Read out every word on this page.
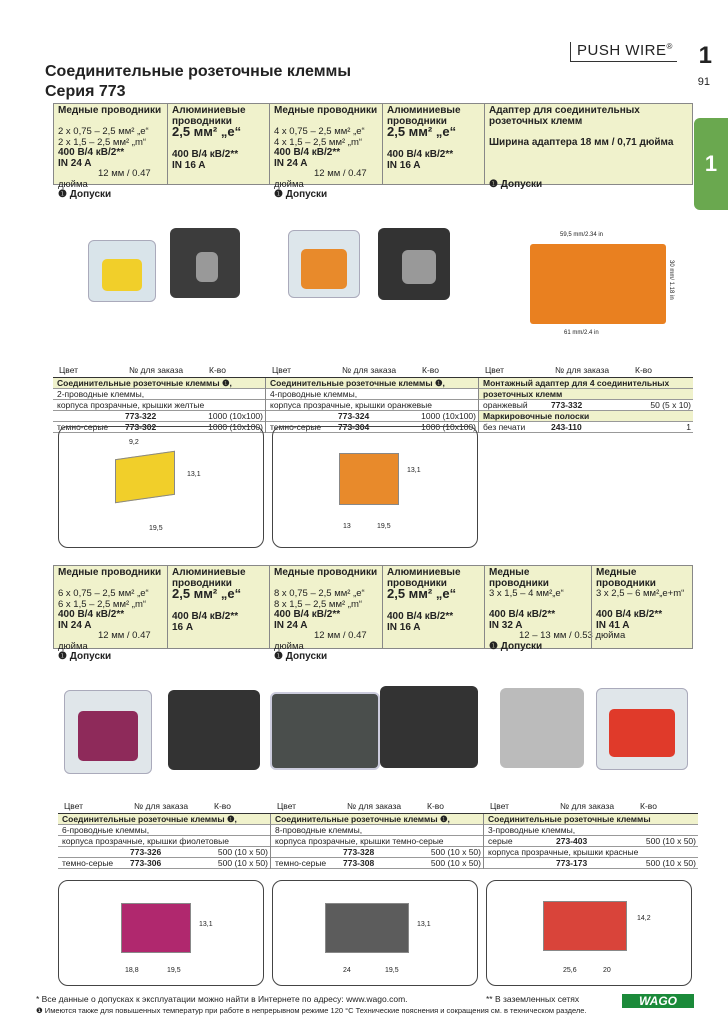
PUSH WIRE® 1
91
1
Соединительные розеточные клеммы
Серия 773
Медные проводники

2 x 0,75 – 2,5 мм² „e“
2 x 1,5 – 2,5 мм² „m“
400 В/4 кВ/2**
IN 24 A
12 мм / 0.47 дюйма
❶ Допуски
Алюминиевые проводники
2,5 мм² „e“

400 В/4 кВ/2**
IN 16 A
Медные проводники

4 x 0,75 – 2,5 мм² „e“
4 x 1,5 – 2,5 мм² „m“
400 В/4 кВ/2**
IN 24 A
12 мм / 0.47 дюйма
❶ Допуски
Алюминиевые проводники
2,5 мм² „e“

400 В/4 кВ/2**
IN 16 A
Адаптер для соединительных розеточных клемм

Ширина адаптера 18 мм / 0,71 дюйма

❶ Допуски
59,5 mm/2.34 in
30 mm/ 1.18 in
61 mm/2.4 in
Цвет	№ для заказа	К-во	Цвет	№ для заказа	К-во	Цвет	№ для заказа	К-во
Соединительные розеточные клеммы ❶,
2-проводные клеммы,
корпуса прозрачные, крышки желтые
773-322	1000 (10x100)
темно-серые	773-302	1000 (10x100)
Соединительные розеточные клеммы ❶,
4-проводные клеммы,
корпуса прозрачные, крышки оранжевые
773-324	1000 (10x100)
темно-серые	773-304	1000 (10x100)
Монтажный адаптер для 4 соединительных
розеточных клемм
оранжевый	773-332	50 (5 x 10)
Маркировочные полоски
без печати	243-110	1
9,2
13,1
19,5
13,1
13	19,5
Медные проводники

6 x 0,75 – 2,5 мм² „e“
6 x 1,5 – 2,5 мм² „m“
400 В/4 кВ/2**
IN 24 A
12 мм / 0.47 дюйма
❶ Допуски
Алюминиевые проводники
2,5 мм² „e“

400 В/4 кВ/2**
16 A
Медные проводники

8 x 0,75 – 2,5 мм² „e“
8 x 1,5 – 2,5 мм² „m“
400 В/4 кВ/2**
IN 24 A
12 мм / 0.47 дюйма
❶ Допуски
Алюминиевые проводники
2,5 мм² „e“

400 В/4 кВ/2**
IN 16 A
Медные проводники
3 x 1,5 – 4 мм²„e“

400 В/4 кВ/2**
IN 32 A
12 – 13 мм / 0.53 дюйма
❶ Допуски
Медные проводники
3 x 2,5 – 6 мм²„e+m“

400 В/4 кВ/2**
IN 41 A
Цвет	№ для заказа	К-во	Цвет	№ для заказа	К-во	Цвет	№ для заказа	К-во
Соединительные розеточные клеммы ❶,
6-проводные клеммы,
корпуса прозрачные, крышки фиолетовые
773-326	500 (10 x 50)
темно-серые	773-306	500 (10 x 50)
Соединительные розеточные клеммы ❶,
8-проводные клеммы,
корпуса прозрачные, крышки темно-серые
773-328	500 (10 x 50)
темно-серые	773-308	500 (10 x 50)
Соединительные розеточные клеммы
3-проводные клеммы,
серые	273-403	500 (10 x 50)
корпуса прозрачные, крышки красные
773-173	500 (10 x 50)
13,1
18,8	19,5
13,1
24	19,5
14,2
25,6	20
* Все данные о допусках к эксплуатации можно найти в Интернете по адресу: www.wago.com.	** В заземленных сетях
❶ Имеются также для повышенных температур при работе в непрерывном режиме 120 °C Технические пояснения и сокращения см. в техническом разделе.
WAGO
